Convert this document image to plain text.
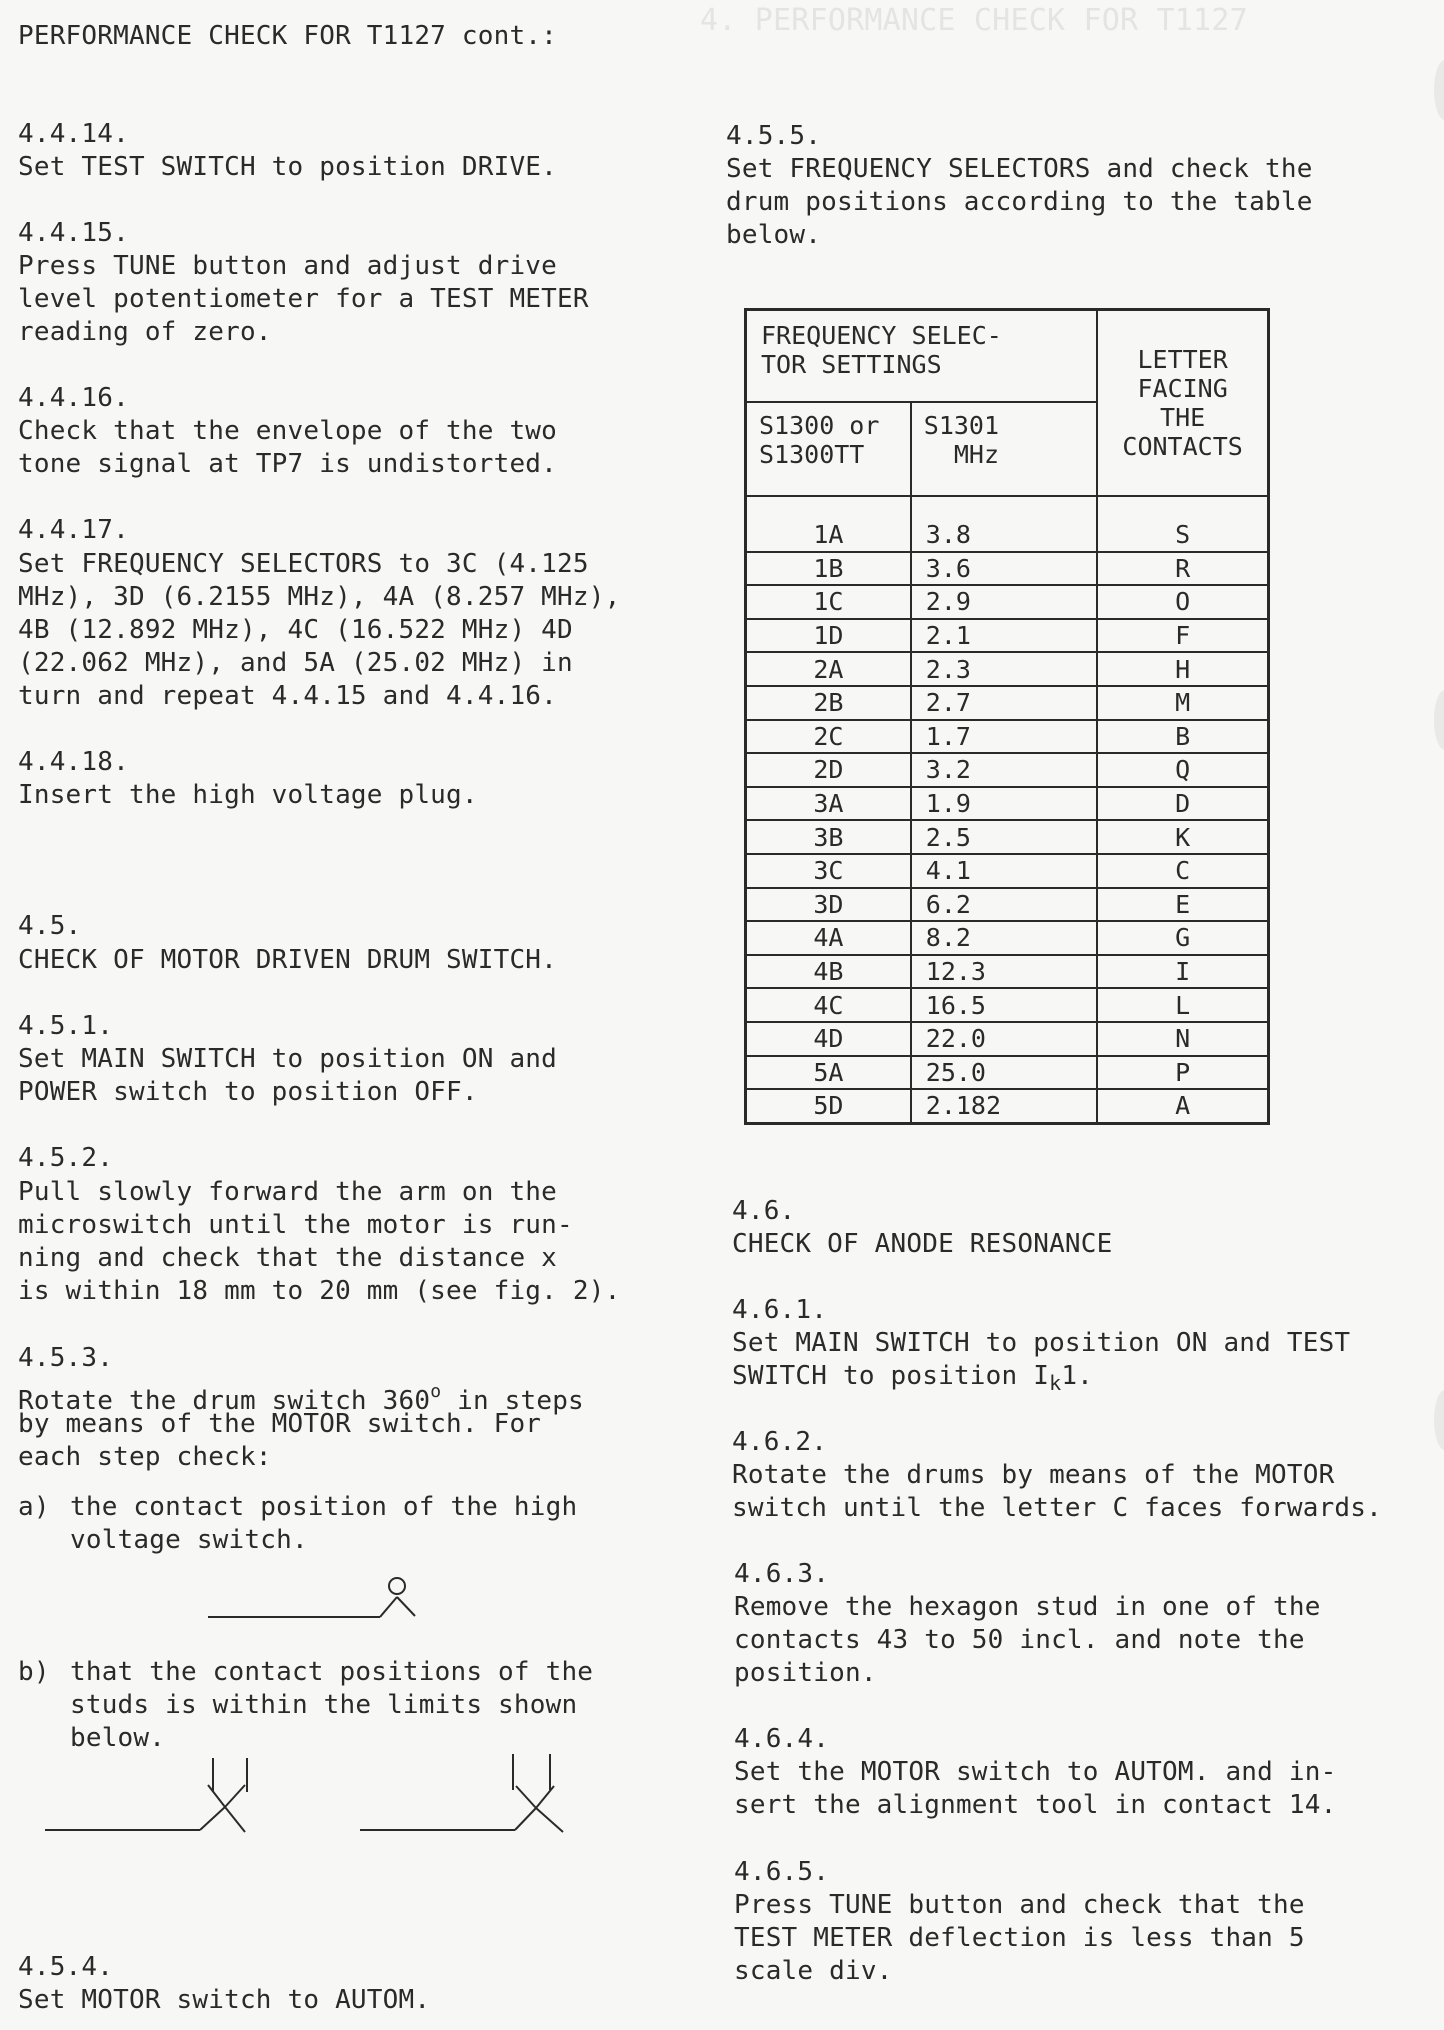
4. PERFORMANCE CHECK FOR T1127
PERFORMANCE CHECK FOR T1127 cont.:
4.4.14.
Set TEST SWITCH to position DRIVE.
4.4.15.
Press TUNE button and adjust drive
level potentiometer for a TEST METER
reading of zero.
4.4.16.
Check that the envelope of the two
tone signal at TP7 is undistorted.
4.4.17.
Set FREQUENCY SELECTORS to 3C (4.125
MHz), 3D (6.2155 MHz), 4A (8.257 MHz),
4B (12.892 MHz), 4C (16.522 MHz) 4D
(22.062 MHz), and 5A (25.02 MHz) in
turn and repeat 4.4.15 and 4.4.16.
4.4.18.
Insert the high voltage plug.
4.5.
CHECK OF MOTOR DRIVEN DRUM SWITCH.
4.5.1.
Set MAIN SWITCH to position ON and
POWER switch to position OFF.
4.5.2.
Pull slowly forward the arm on the
microswitch until the motor is run-
ning and check that the distance x
is within 18 mm to 20 mm (see fig. 2).
4.5.3.
Rotate the drum switch 360$^o$ in steps
by means of the MOTOR switch. For
each step check:
a) the contact position of the high
voltage switch.
b) that the contact positions of the
studs is within the limits shown
below.
4.5.4.
Set MOTOR switch to AUTOM.
4.5.5.
Set FREQUENCY SELECTORS and check the
drum positions according to the table
below.
4.6.
CHECK OF ANODE RESONANCE
4.6.1.
Set MAIN SWITCH to position ON and TEST
SWITCH to position $I_k1$.
4.6.2.
Rotate the drums by means of the MOTOR
switch until the letter C faces forwards.
4.6.3.
Remove the hexagon stud in one of the
contacts 43 to 50 incl. and note the
position.
4.6.4.
Set the MOTOR switch to AUTOM. and in-
sert the alignment tool in contact 14.
4.6.5.
Press TUNE button and check that the
TEST METER deflection is less than 5
scale div.
FREQUENCY SELEC-
TOR SETTINGS		LETTER
FACING
THE
CONTACTS
S1300 or
S1300TT	S1301
MHz	

1A	3.8	S
1B	3.6	R
1C	2.9	O
1D	2.1	F
2A	2.3	H
2B	2.7	M
2C	1.7	B
2D	3.2	Q
3A	1.9	D
3B	2.5	K
3C	4.1	C
3D	6.2	E
4A	8.2	G
4B	12.3	I
4C	16.5	L
4D	22.0	N
5A	25.0	P
5D	2.182	A
